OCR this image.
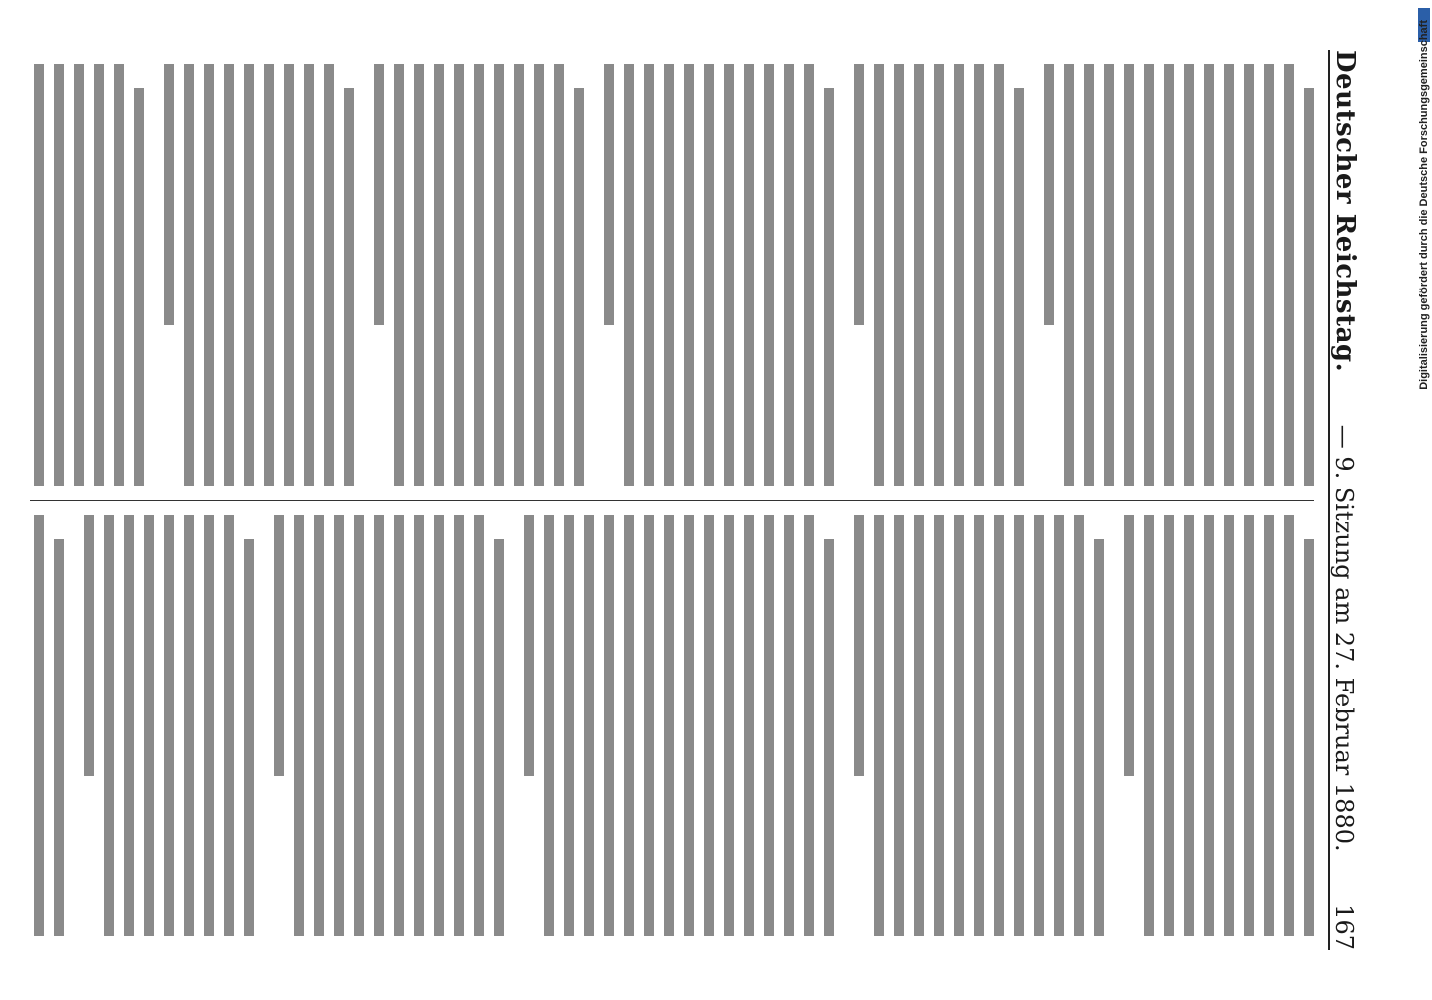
Digitalisierung gefördert durch die Deutsche Forschungsgemeinschaft
Deutscher Reichstag.
— 9. Sitzung am 27. Februar 1880.
167
